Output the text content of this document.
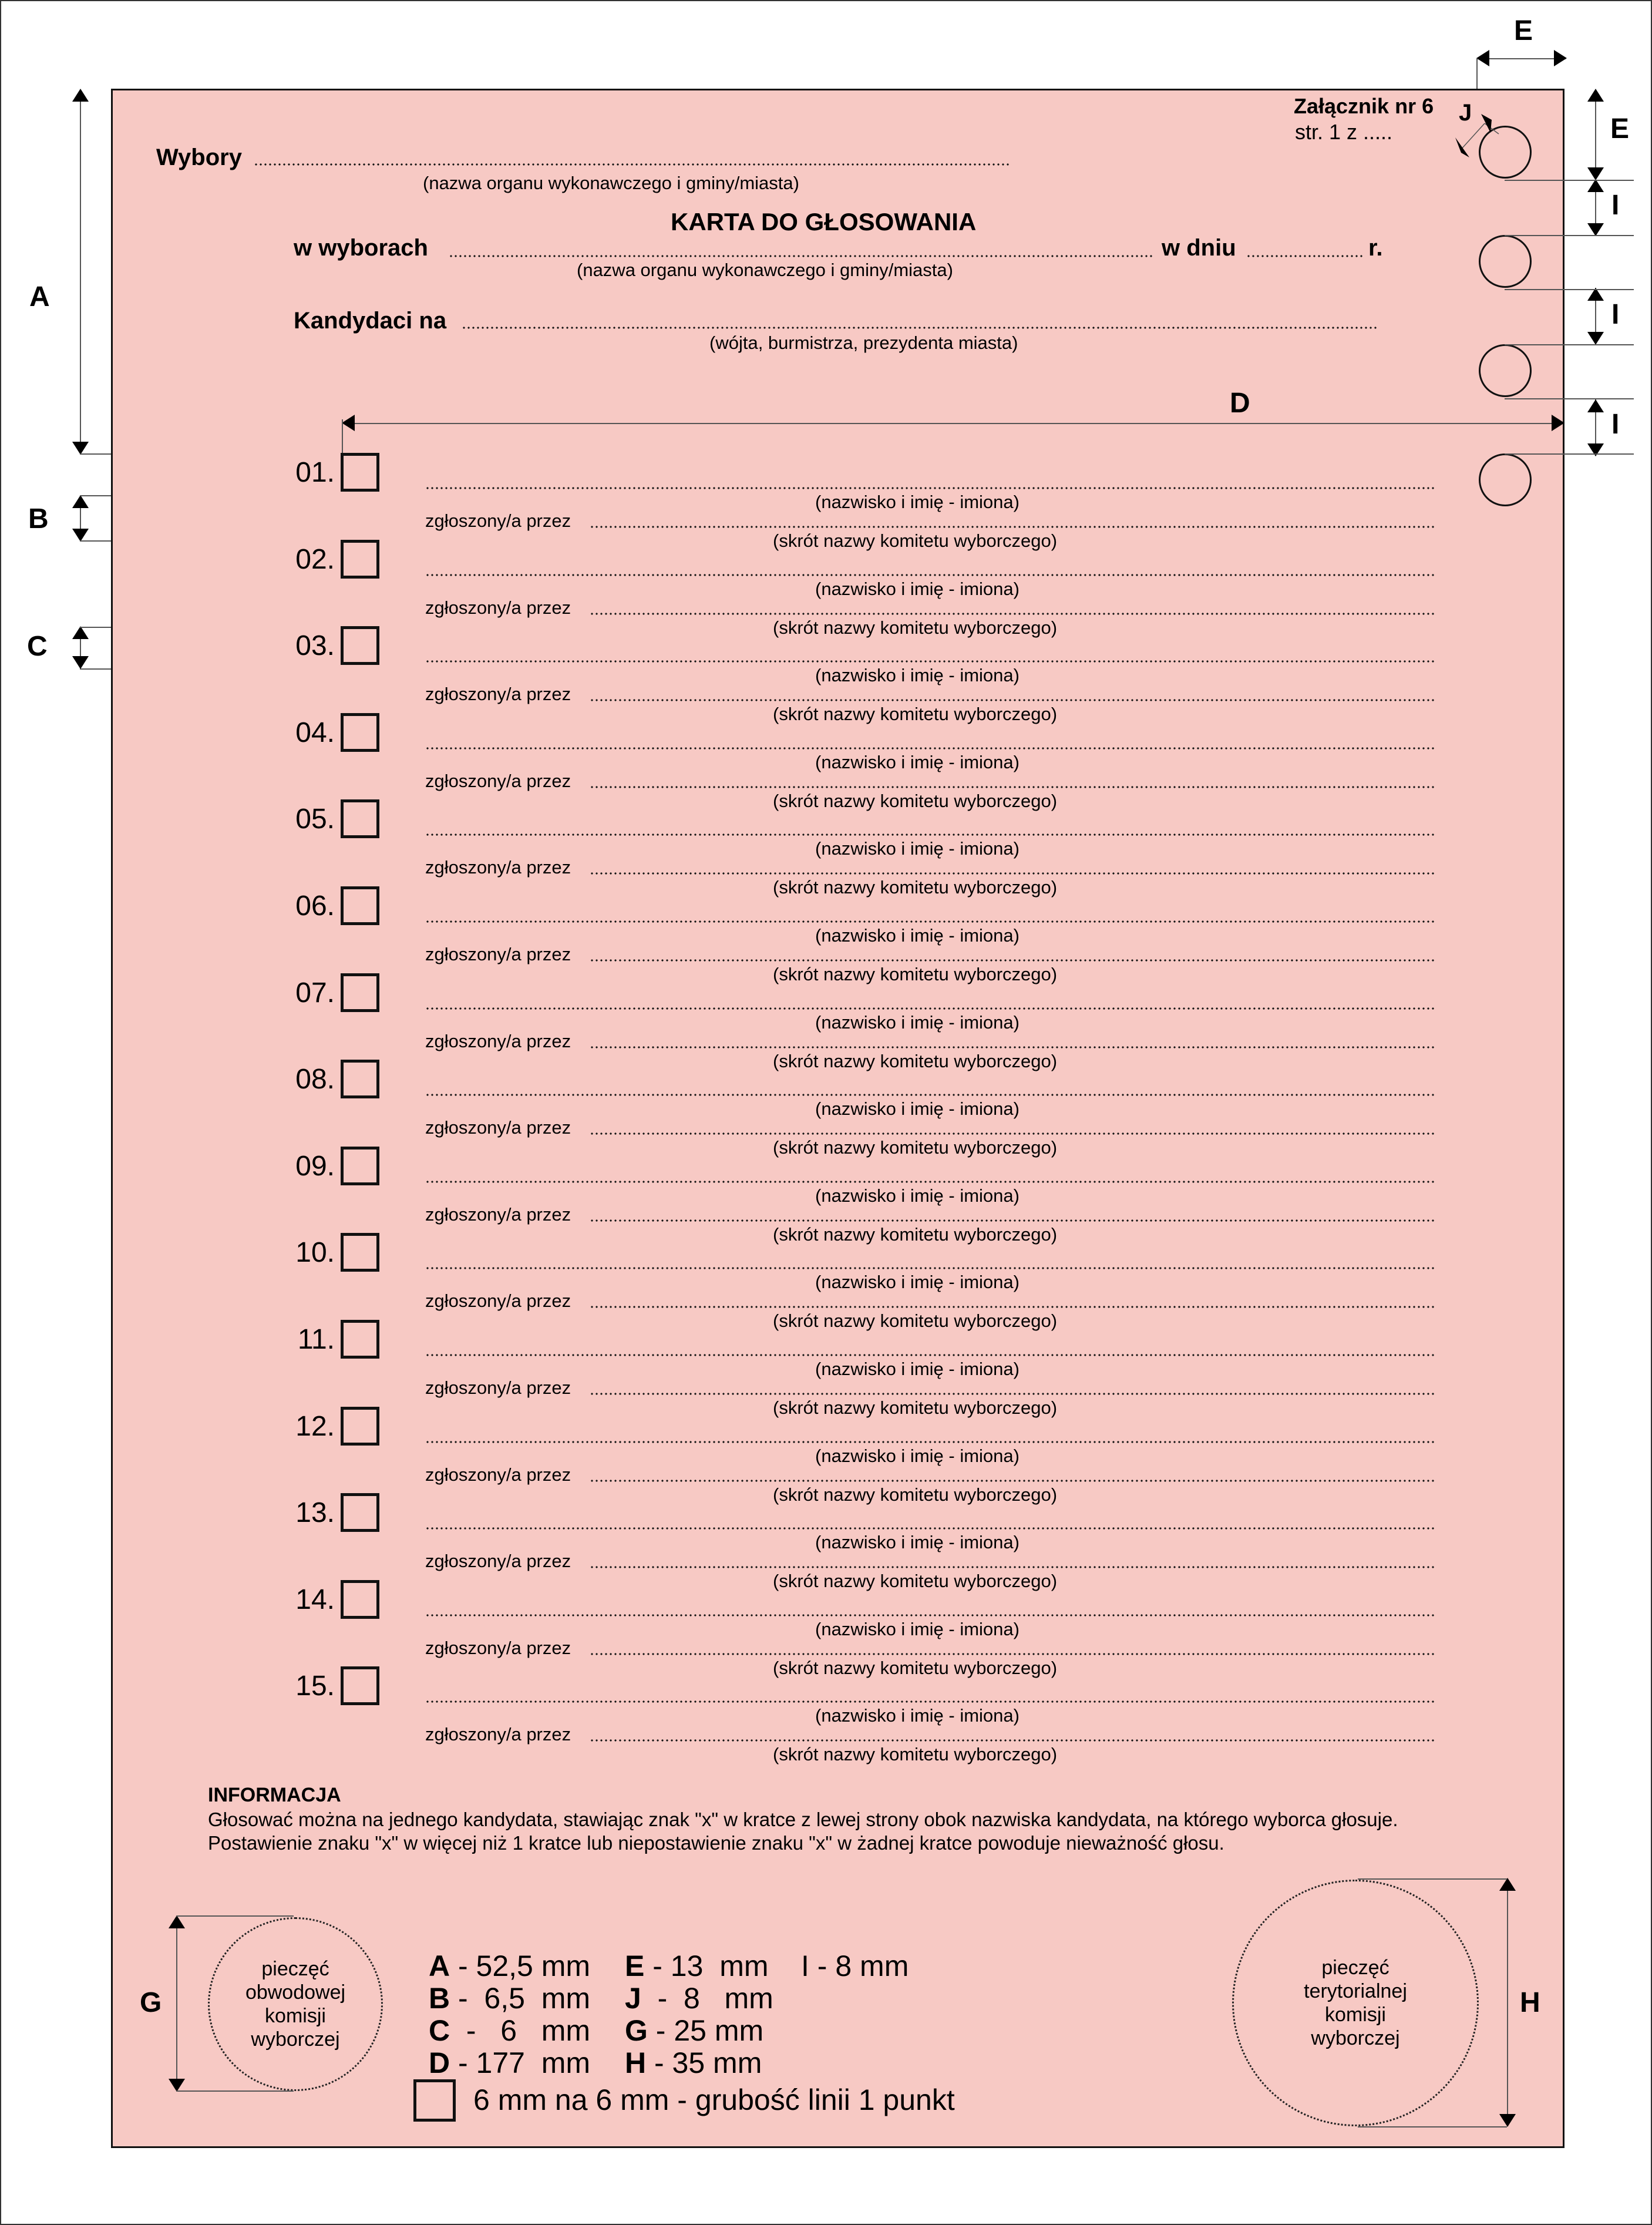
A
B
C
E
E
I
I
I
Załącznik nr 6
str. 1 z .....
Wybory
(nazwa organu wykonawczego i gminy/miasta)
KARTA DO GŁOSOWANIA
w wyborach	w dniu	r.
(nazwa organu wykonawczego i gminy/miasta)
Kandydaci na
(wójta, burmistrza, prezydenta miasta)
D
J
01.
(nazwisko i imię - imiona)
zgłoszony/a przez
(skrót nazwy komitetu wyborczego)
02.
(nazwisko i imię - imiona)
zgłoszony/a przez
(skrót nazwy komitetu wyborczego)
03.
(nazwisko i imię - imiona)
zgłoszony/a przez
(skrót nazwy komitetu wyborczego)
04.
(nazwisko i imię - imiona)
zgłoszony/a przez
(skrót nazwy komitetu wyborczego)
05.
(nazwisko i imię - imiona)
zgłoszony/a przez
(skrót nazwy komitetu wyborczego)
06.
(nazwisko i imię - imiona)
zgłoszony/a przez
(skrót nazwy komitetu wyborczego)
07.
(nazwisko i imię - imiona)
zgłoszony/a przez
(skrót nazwy komitetu wyborczego)
08.
(nazwisko i imię - imiona)
zgłoszony/a przez
(skrót nazwy komitetu wyborczego)
09.
(nazwisko i imię - imiona)
zgłoszony/a przez
(skrót nazwy komitetu wyborczego)
10.
(nazwisko i imię - imiona)
zgłoszony/a przez
(skrót nazwy komitetu wyborczego)
11.
(nazwisko i imię - imiona)
zgłoszony/a przez
(skrót nazwy komitetu wyborczego)
12.
(nazwisko i imię - imiona)
zgłoszony/a przez
(skrót nazwy komitetu wyborczego)
13.
(nazwisko i imię - imiona)
zgłoszony/a przez
(skrót nazwy komitetu wyborczego)
14.
(nazwisko i imię - imiona)
zgłoszony/a przez
(skrót nazwy komitetu wyborczego)
15.
(nazwisko i imię - imiona)
zgłoszony/a przez
(skrót nazwy komitetu wyborczego)
INFORMACJA
Głosować można na jednego kandydata, stawiając znak "x" w kratce z lewej strony obok nazwiska kandydata, na którego wyborca głosuje.
Postawienie znaku "x" w więcej niż 1 kratce lub niepostawienie znaku "x" w żadnej kratce powoduje nieważność głosu.
pieczęć
obwodowej
komisji
wyborczej
G
A - 52,5 mm
B -  6,5  mm
C  -   6   mm
D - 177  mm
E - 13  mm
J  -  8   mm
G - 25 mm
H - 35 mm
I - 8 mm
6 mm na 6 mm - grubość linii 1 punkt
pieczęć
terytorialnej
komisji
wyborczej
H
